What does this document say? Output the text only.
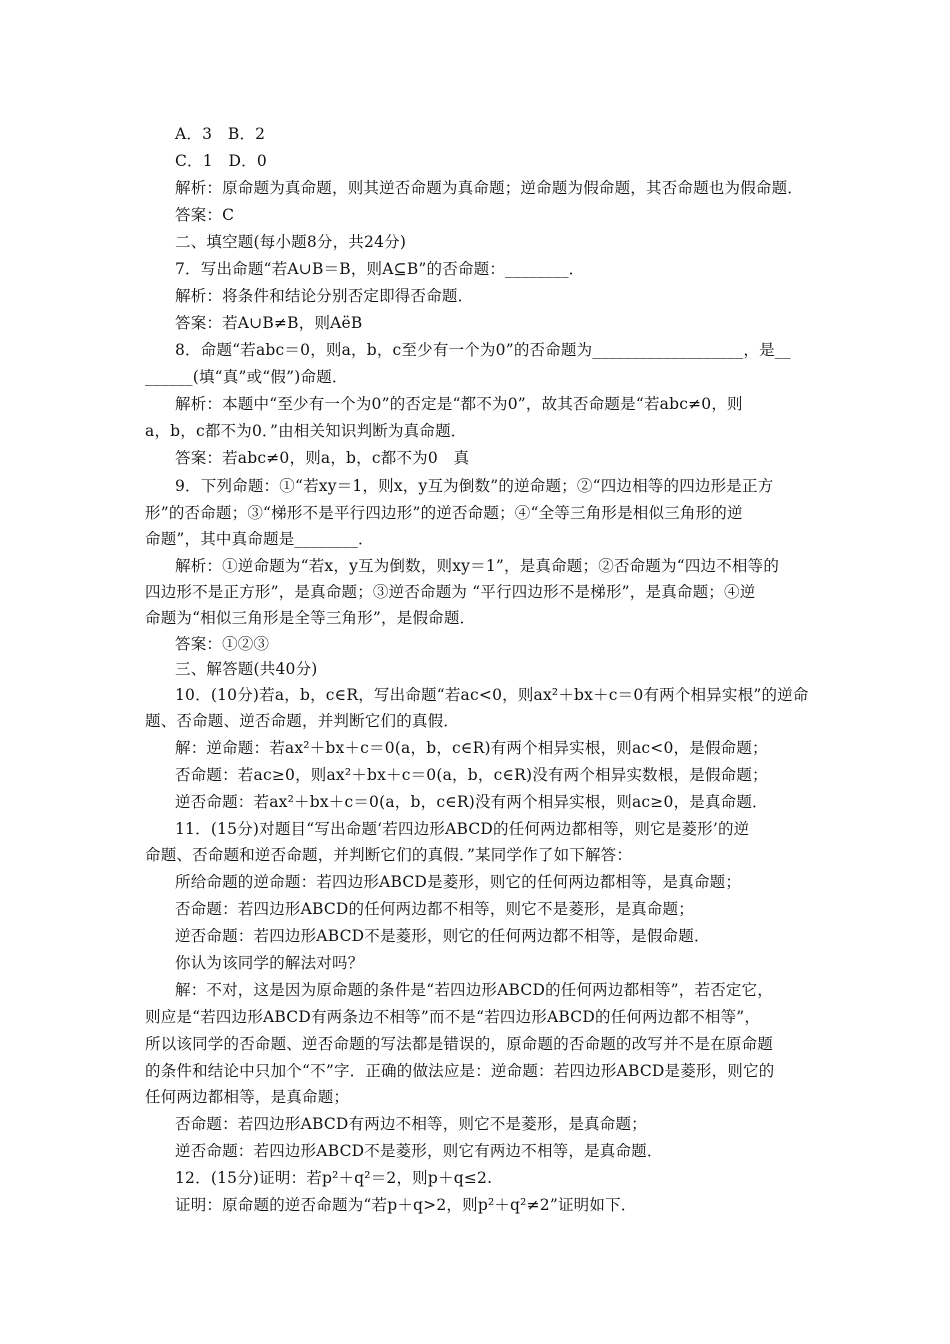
A．3　B．2
C．1　D．0
解析：原命题为真命题，则其逆否命题为真命题；逆命题为假命题，其否命题也为假命题．
答案：C
二、填空题(每小题8分，共24分)
7．写出命题“若A∪B＝B，则A⊆B”的否命题：________．
解析：将条件和结论分别否定即得否命题．
答案：若A∪B≠B，则AëB
8．命题“若abc＝0，则a，b，c至少有一个为0”的否命题为___________________，是__
______(填“真”或“假”)命题．
解析：本题中“至少有一个为0”的否定是“都不为0”，故其否命题是“若abc≠0，则
a，b，c都不为0．”由相关知识判断为真命题．
答案：若abc≠0，则a，b，c都不为0　真
9．下列命题：①“若xy＝1，则x，y互为倒数”的逆命题；②“四边相等的四边形是正方
形”的否命题；③“梯形不是平行四边形”的逆否命题；④“全等三角形是相似三角形的逆
命题”，其中真命题是________．
解析：①逆命题为“若x，y互为倒数，则xy＝1”，是真命题；②否命题为“四边不相等的
四边形不是正方形”，是真命题；③逆否命题为 “平行四边形不是梯形”，是真命题；④逆
命题为“相似三角形是全等三角形”，是假命题．
答案：①②③
三、解答题(共40分)
10．(10分)若a，b，c∈R，写出命题“若ac<0，则ax²＋bx＋c＝0有两个相异实根”的逆命
题、否命题、逆否命题，并判断它们的真假．
解：逆命题：若ax²＋bx＋c＝0(a，b，c∈R)有两个相异实根，则ac<0，是假命题；
否命题：若ac≥0，则ax²＋bx＋c＝0(a，b，c∈R)没有两个相异实数根，是假命题；
逆否命题：若ax²＋bx＋c＝0(a，b，c∈R)没有两个相异实根，则ac≥0，是真命题．
11．(15分)对题目“写出命题‘若四边形ABCD的任何两边都相等，则它是菱形’的逆
命题、否命题和逆否命题，并判断它们的真假．”某同学作了如下解答：
所给命题的逆命题：若四边形ABCD是菱形，则它的任何两边都相等，是真命题；
否命题：若四边形ABCD的任何两边都不相等，则它不是菱形，是真命题；
逆否命题：若四边形ABCD不是菱形，则它的任何两边都不相等，是假命题．
你认为该同学的解法对吗？
解：不对，这是因为原命题的条件是“若四边形ABCD的任何两边都相等”，若否定它，
则应是“若四边形ABCD有两条边不相等”而不是“若四边形ABCD的任何两边都不相等”，
所以该同学的否命题、逆否命题的写法都是错误的，原命题的否命题的改写并不是在原命题
的条件和结论中只加个“不”字．正确的做法应是：逆命题：若四边形ABCD是菱形，则它的
任何两边都相等，是真命题；
否命题：若四边形ABCD有两边不相等，则它不是菱形，是真命题；
逆否命题：若四边形ABCD不是菱形，则它有两边不相等，是真命题．
12．(15分)证明：若p²＋q²＝2，则p＋q≤2.
证明：原命题的逆否命题为“若p＋q>2，则p²＋q²≠2”证明如下．
